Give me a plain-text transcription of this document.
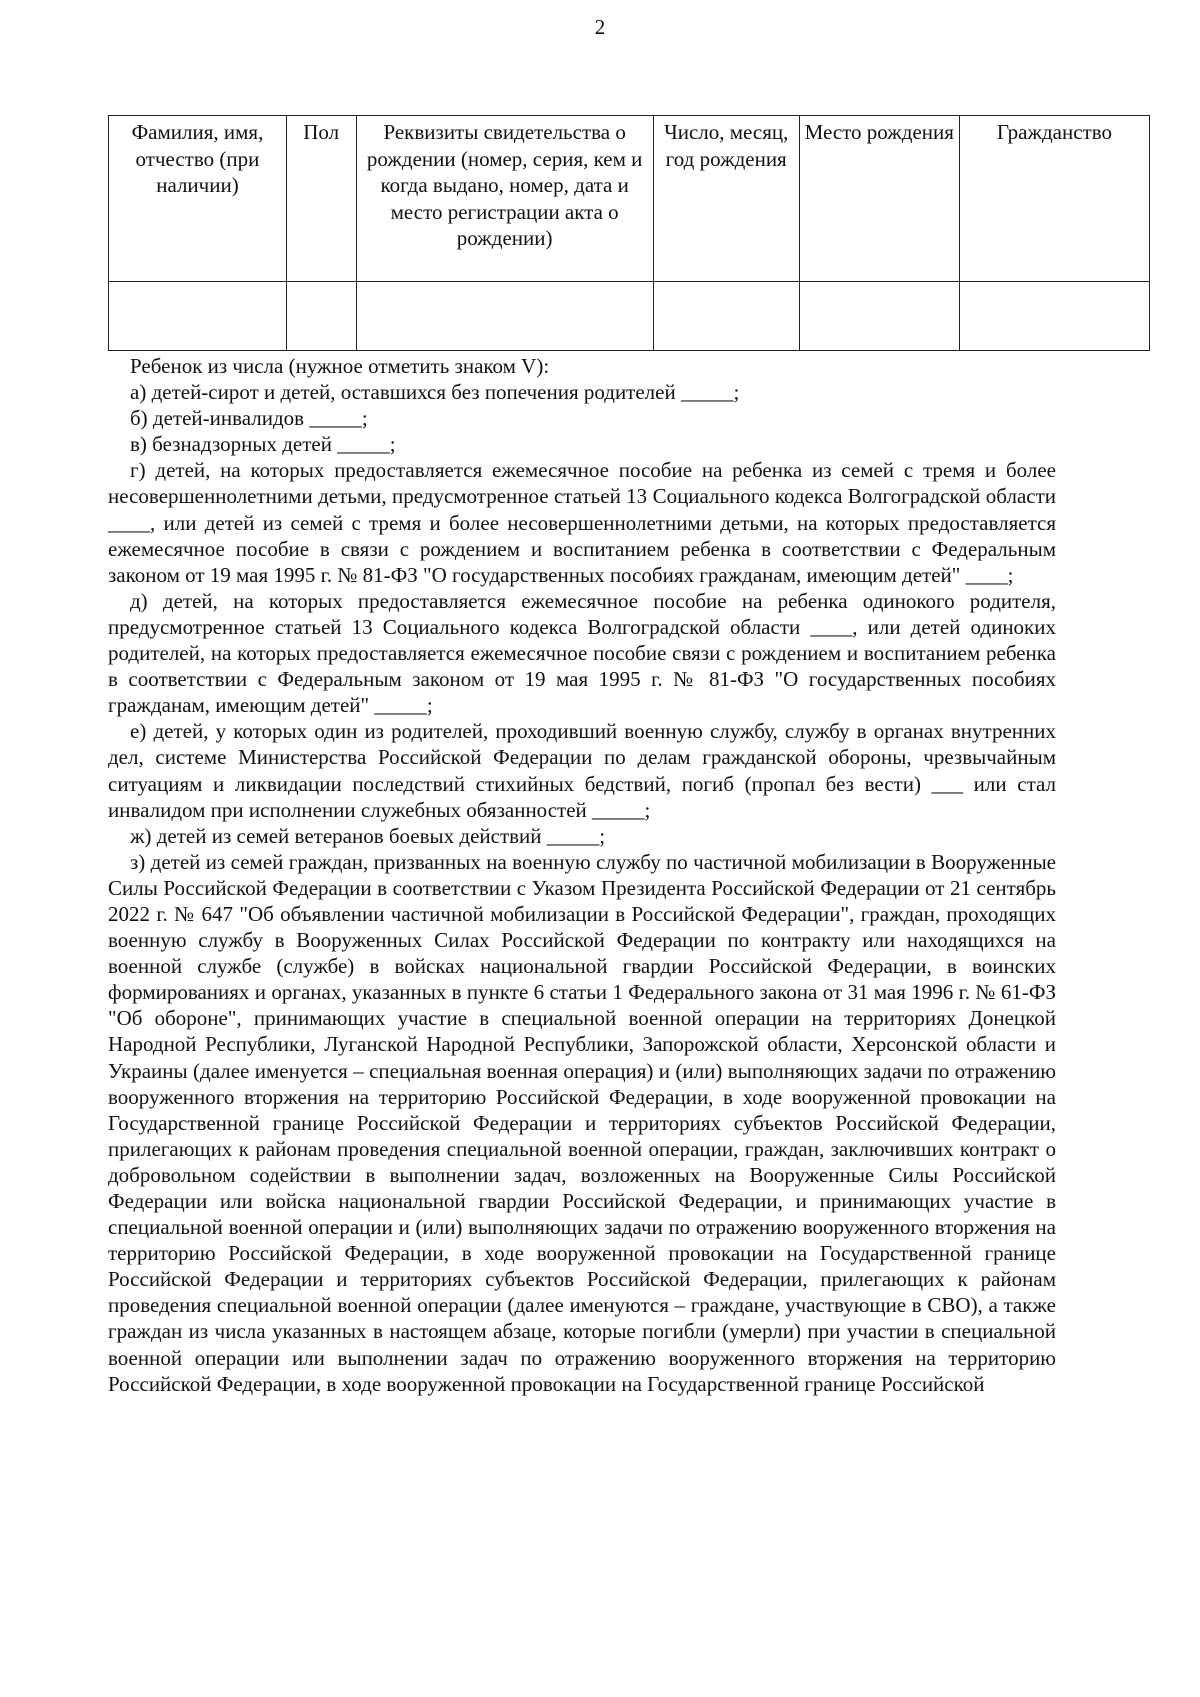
2
Фамилия, имя, отчество (при наличии)	Пол	Реквизиты свидетельства о рождении (номер, серия, кем и когда выдано, номер, дата и место регистрации акта о рождении)	Число, месяц, год рождения	Место рождения	Гражданство

Ребенок из числа (нужное отметить знаком V):

а) детей-сирот и детей, оставшихся без попечения родителей _____;

б) детей-инвалидов _____;

в) безнадзорных детей _____;

г) детей, на которых предоставляется ежемесячное пособие на ребенка из семей с тремя и более несовершеннолетними детьми, предусмотренное статьей 13 Социального кодекса Волгоградской области ____, или детей из семей с тремя и более несовершеннолетними детьми, на которых предоставляется ежемесячное пособие в связи с рождением и воспитанием ребенка в соответствии с Федеральным законом от 19 мая 1995 г. № 81-ФЗ "О государственных пособиях гражданам, имеющим детей" ____;

д) детей, на которых предоставляется ежемесячное пособие на ребенка одинокого родителя, предусмотренное статьей 13 Социального кодекса Волгоградской области ____, или детей одиноких родителей, на которых предоставляется ежемесячное пособие связи с рождением и воспитанием ребенка в соответствии с Федеральным законом от 19 мая 1995 г. № 81-ФЗ "О государственных пособиях гражданам, имеющим детей" _____;

е) детей, у которых один из родителей, проходивший военную службу, службу в органах внутренних дел, системе Министерства Российской Федерации по делам гражданской обороны, чрезвычайным ситуациям и ликвидации последствий стихийных бедствий, погиб (пропал без вести) ___ или стал инвалидом при исполнении служебных обязанностей _____;

ж) детей из семей ветеранов боевых действий _____;

з) детей из семей граждан, призванных на военную службу по частичной мобилизации в Вооруженные Силы Российской Федерации в соответствии с Указом Президента Российской Федерации от 21 сентябрь 2022 г. № 647 "Об объявлении частичной мобилизации в Российской Федерации", граждан, проходящих военную службу в Вооруженных Силах Российской Федерации по контракту или находящихся на военной службе (службе) в войсках национальной гвардии Российской Федерации, в воинских формированиях и органах, указанных в пункте 6 статьи 1 Федерального закона от 31 мая 1996 г. № 61-ФЗ "Об обороне", принимающих участие в специальной военной операции на территориях Донецкой Народной Республики, Луганской Народной Республики, Запорожской области, Херсонской области и Украины (далее именуется – специальная военная операция) и (или) выполняющих задачи по отражению вооруженного вторжения на территорию Российской Федерации, в ходе вооруженной провокации на Государственной границе Российской Федерации и территориях субъектов Российской Федерации, прилегающих к районам проведения специальной военной операции, граждан, заключивших контракт о добровольном содействии в выполнении задач, возложенных на Вооруженные Силы Российской Федерации или войска национальной гвардии Российской Федерации, и принимающих участие в специальной военной операции и (или) выполняющих задачи по отражению вооруженного вторжения на территорию Российской Федерации, в ходе вооруженной провокации на Государственной границе Российской Федерации и территориях субъектов Российской Федерации, прилегающих к районам проведения специальной военной операции (далее именуются – граждане, участвующие в СВО), а также граждан из числа указанных в настоящем абзаце, которые погибли (умерли) при участии в специальной военной операции или выполнении задач по отражению вооруженного вторжения на территорию Российской Федерации, в ходе вооруженной провокации на Государственной границе Российской
